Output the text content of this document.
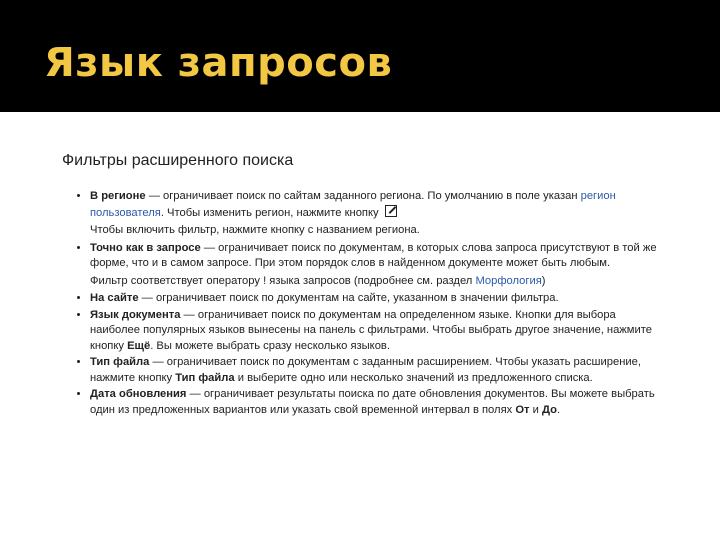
Язык запросов
Фильтры расширенного поиска

• В регионе — ограничивает поиск по сайтам заданного региона. По умолчанию в поле указан регион пользователя. Чтобы изменить регион, нажмите кнопку

Чтобы включить фильтр, нажмите кнопку с названием региона.

• Точно как в запросе — ограничивает поиск по документам, в которых слова запроса присутствуют в той же форме, что и в самом запросе. При этом порядок слов в найденном документе может быть любым.

Фильтр соответствует оператору ! языка запросов (подробнее см. раздел Морфология)

• На сайте — ограничивает поиск по документам на сайте, указанном в значении фильтра.

• Язык документа — ограничивает поиск по документам на определенном языке. Кнопки для выбора наиболее популярных языков вынесены на панель с фильтрами. Чтобы выбрать другое значение, нажмите кнопку Ещё. Вы можете выбрать сразу несколько языков.

• Тип файла — ограничивает поиск по документам с заданным расширением. Чтобы указать расширение, нажмите кнопку Тип файла и выберите одно или несколько значений из предложенного списка.

• Дата обновления — ограничивает результаты поиска по дате обновления документов. Вы можете выбрать один из предложенных вариантов или указать свой временной интервал в полях От и До.
